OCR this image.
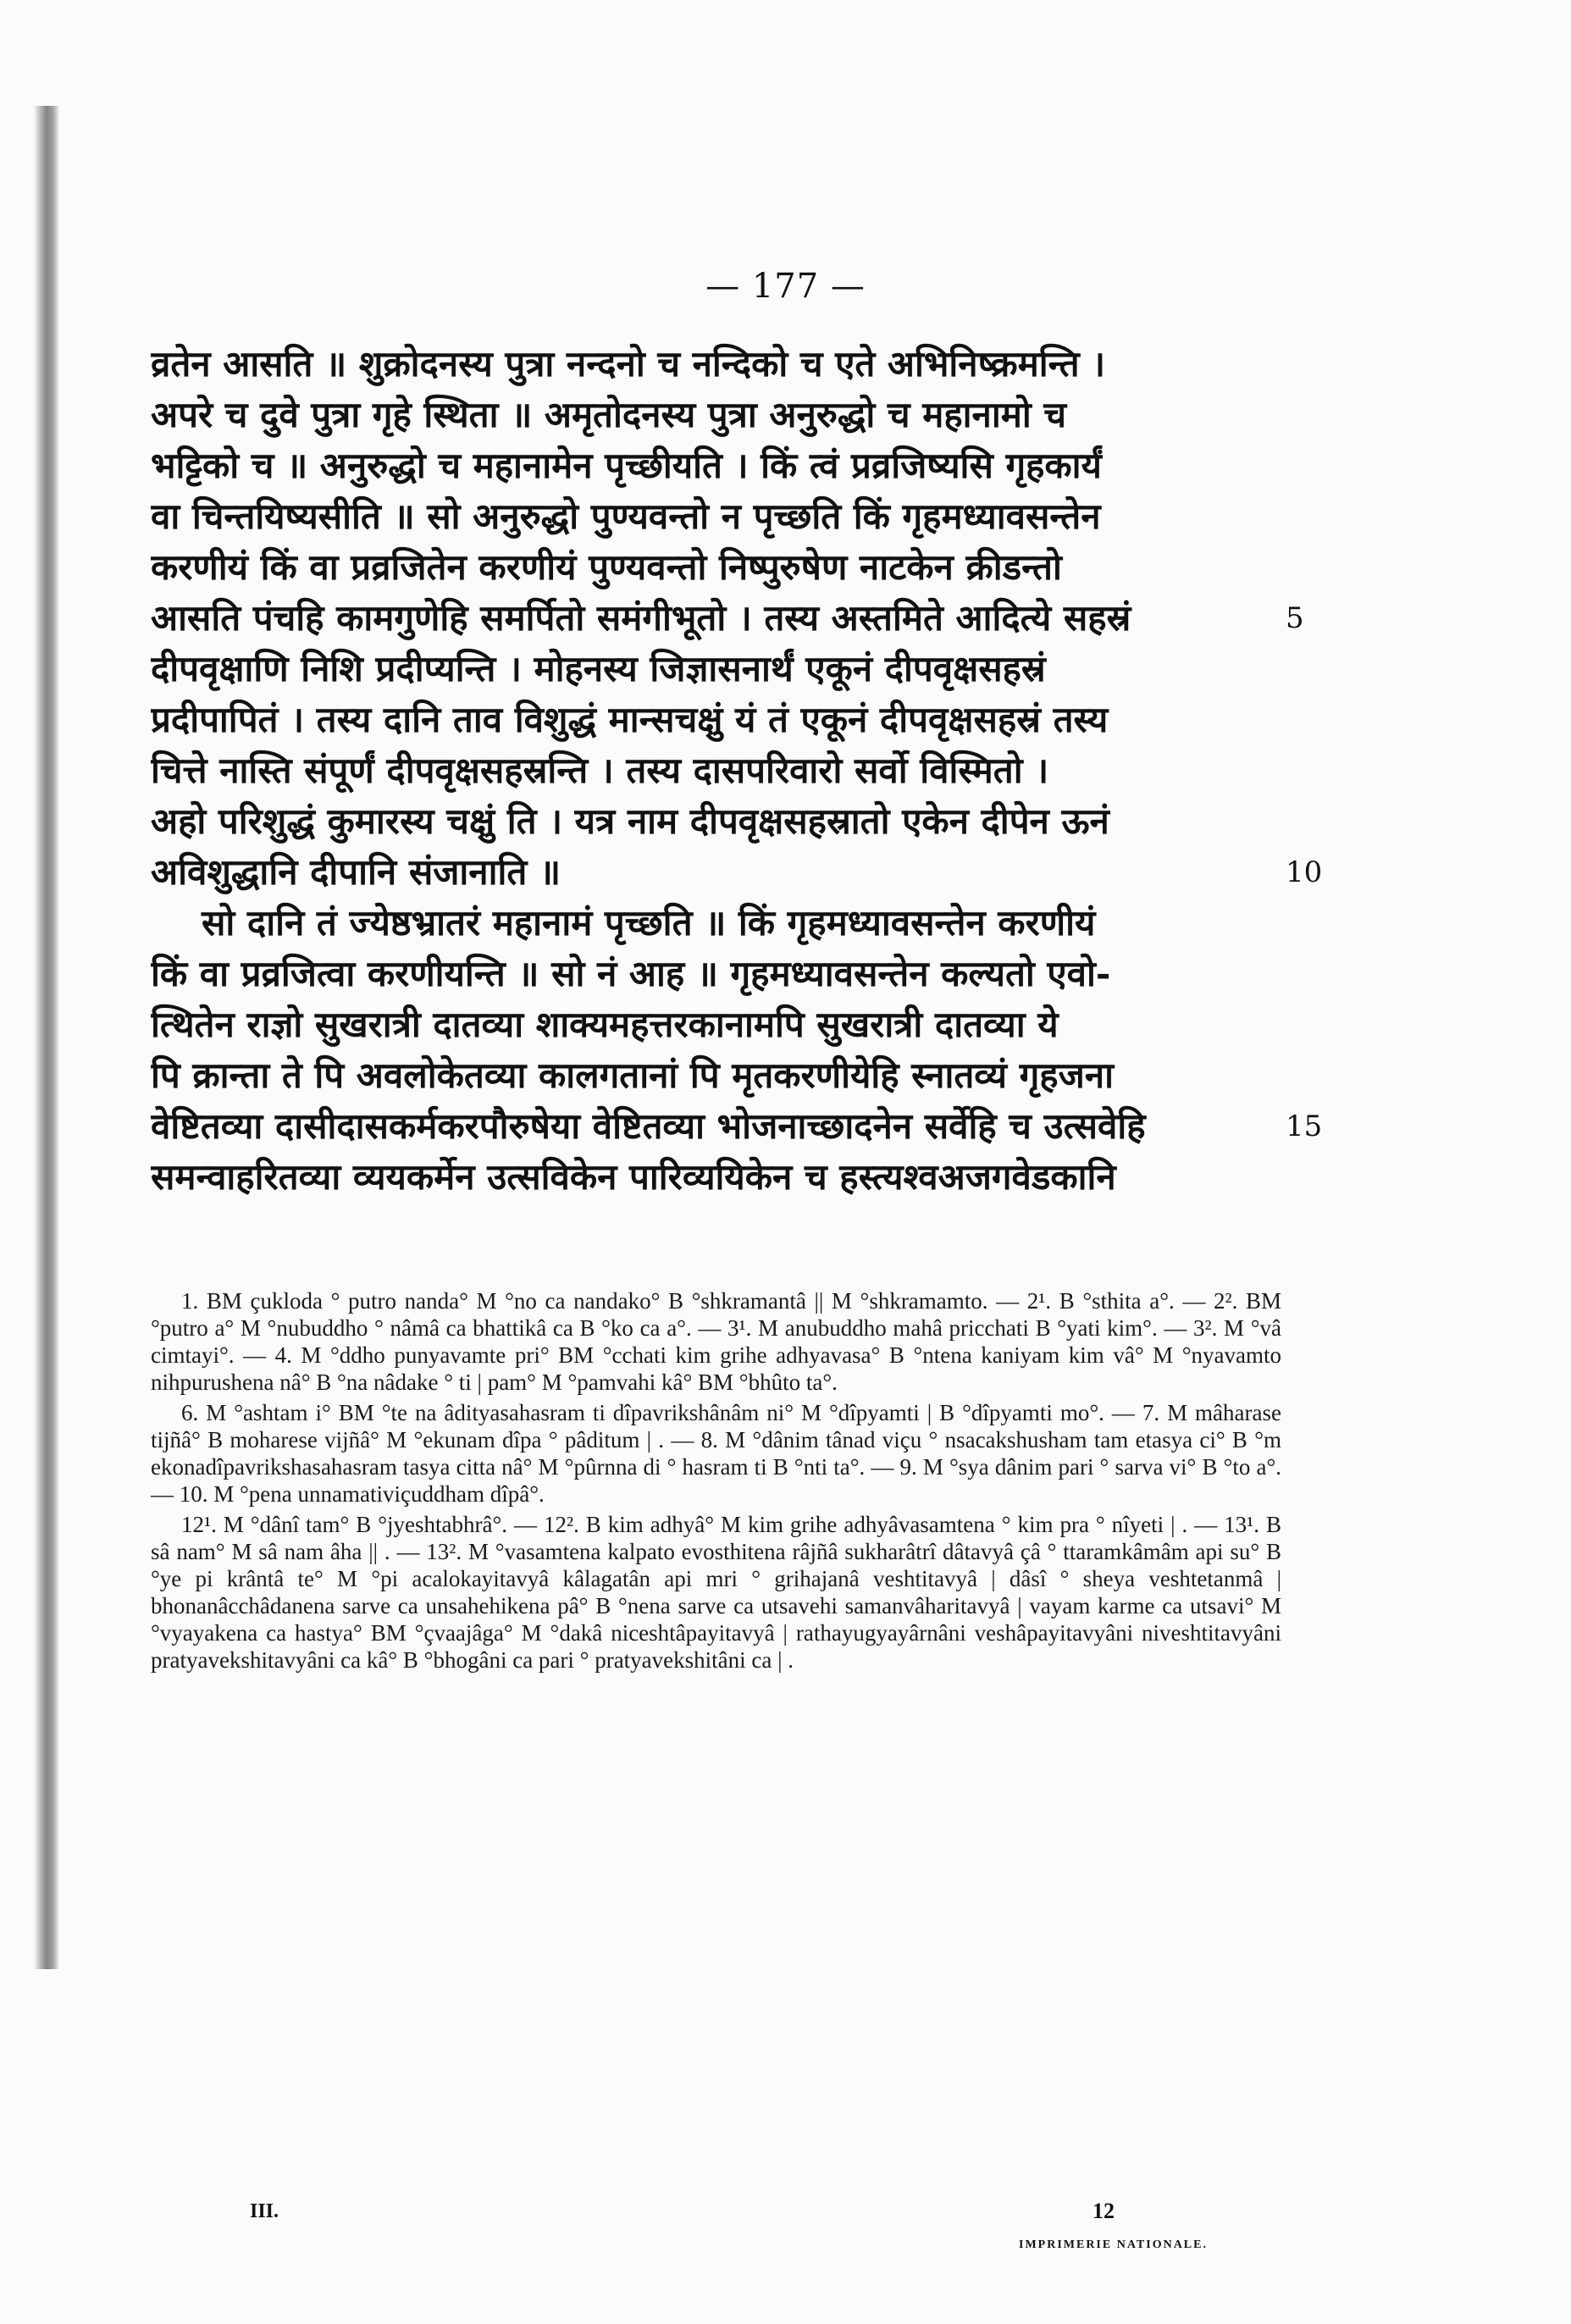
— 177 —
व्रतेन आसति ॥ शुक्रोदनस्य पुत्रा नन्दनो च नन्दिको च एते अभिनिष्क्रमन्ति ।
अपरे च दुवे पुत्रा गृहे स्थिता ॥ अमृतोदनस्य पुत्रा अनुरुद्धो च महानामो च
भट्टिको च ॥ अनुरुद्धो च महानामेन पृच्छीयति । किं त्वं प्रव्रजिष्यसि गृहकार्यं
वा चिन्तयिष्यसीति ॥ सो अनुरुद्धो पुण्यवन्तो न पृच्छति किं गृहमध्यावसन्तेन
करणीयं किं वा प्रव्रजितेन करणीयं पुण्यवन्तो निष्पुरुषेण नाटकेन क्रीडन्तो
आसति पंचहि कामगुणेहि समर्पितो समंगीभूतो । तस्य अस्तमिते आदित्ये सहस्रं
दीपवृक्षाणि निशि प्रदीप्यन्ति । मोहनस्य जिज्ञासनार्थं एकूनं दीपवृक्षसहस्रं
प्रदीपापितं । तस्य दानि ताव विशुद्धं मान्सचक्षुं यं तं एकूनं दीपवृक्षसहस्रं तस्य
चित्ते नास्ति संपूर्णं दीपवृक्षसहस्रन्ति । तस्य दासपरिवारो सर्वो विस्मितो ।
अहो परिशुद्धं कुमारस्य चक्षुं ति । यत्र नाम दीपवृक्षसहस्रातो एकेन दीपेन ऊनं
अविशुद्धानि दीपानि संजानाति ॥
सो दानि तं ज्येष्ठभ्रातरं महानामं पृच्छति ॥ किं गृहमध्यावसन्तेन करणीयं
किं वा प्रव्रजित्वा करणीयन्ति ॥ सो नं आह ॥ गृहमध्यावसन्तेन कल्यतो एवो-
त्थितेन राज्ञो सुखरात्री दातव्या शाक्यमहत्तरकानामपि सुखरात्री दातव्या ये
पि क्रान्ता ते पि अवलोकेतव्या कालगतानां पि मृतकरणीयेहि स्नातव्यं गृहजना
वेष्टितव्या दासीदासकर्मकरपौरुषेया वेष्टितव्या भोजनाच्छादनेन सर्वेहि च उत्सवेहि
समन्वाहरितव्या व्ययकर्मेन उत्सविकेन पारिव्ययिकेन च हस्त्यश्वअजगवेडकानि
5
10
15

1. BM çukloda ° putro nanda° M °no ca nandako° B °shkramantâ || M °shkramamto. — 2¹. B °sthita a°. — 2². BM °putro a° M °nubuddho ° nâmâ ca bhattikâ ca B °ko ca a°. — 3¹. M anubuddho mahâ pricchati B °yati kim°. — 3². M °vâ cimtayi°. — 4. M °ddho punyavamte pri° BM °cchati kim grihe adhyavasa° B °ntena kaniyam kim vâ° M °nyavamto nihpurushena nâ° B °na nâdake ° ti | pam° M °pamvahi kâ° BM °bhûto ta°.

6. M °ashtam i° BM °te na âdityasahasram ti dîpavrikshânâm ni° M °dîpyamti | B °dîpyamti mo°. — 7. M mâharase tijñâ° B moharese vijñâ° M °ekunam dîpa ° pâditum | . — 8. M °dânim tânad viçu ° nsacakshusham tam etasya ci° B °m ekonadîpavrikshasahasram tasya citta nâ° M °pûrnna di ° hasram ti B °nti ta°. — 9. M °sya dânim pari ° sarva vi° B °to a°. — 10. M °pena unnamativiçuddham dîpâ°.

12¹. M °dânî tam° B °jyeshtabhrâ°. — 12². B kim adhyâ° M kim grihe adhyâvasamtena ° kim pra ° nîyeti | . — 13¹. B sâ nam° M sâ nam âha || . — 13². M °vasamtena kalpato evosthitena râjñâ sukharâtrî dâtavyâ çâ ° ttaramkâmâm api su° B °ye pi krântâ te° M °pi acalokayitavyâ kâlagatân api mri ° grihajanâ veshtitavyâ | dâsî ° sheya veshtetanmâ | bhonanâcchâdanena sarve ca unsahehikena pâ° B °nena sarve ca utsavehi samanvâharitavyâ | vayam karme ca utsavi° M °vyayakena ca hastya° BM °çvaajâga° M °dakâ niceshtâpayitavyâ | rathayugyayârnâni veshâpayitavyâni niveshtitavyâni pratyavekshitavyâni ca kâ° B °bhogâni ca pari ° pratyavekshitâni ca | .

III.	12
IMPRIMERIE NATIONALE.
